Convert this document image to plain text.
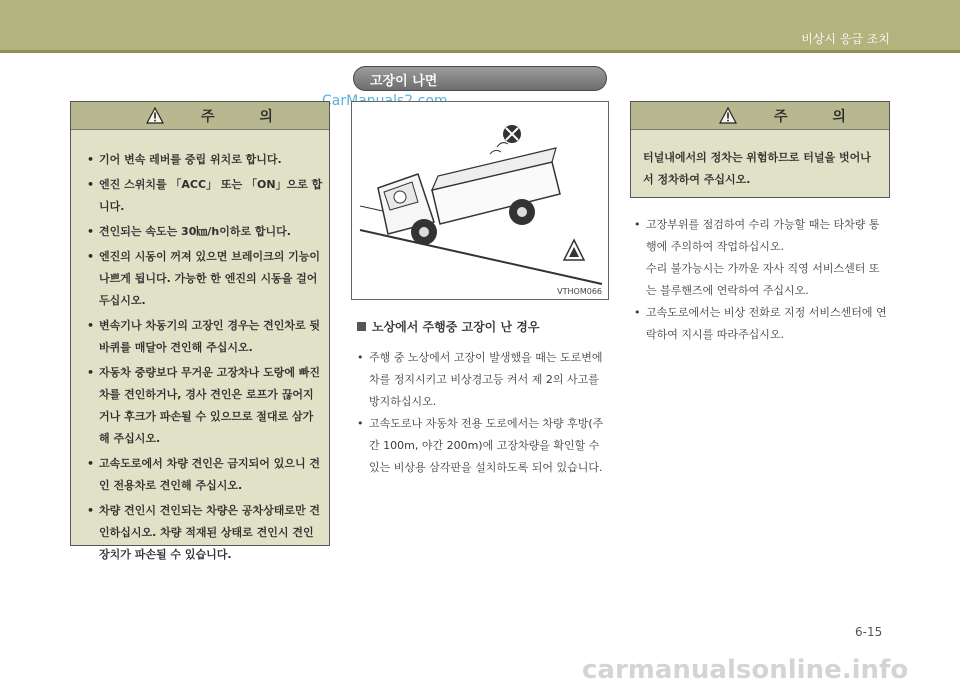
비상시 응급 조치
고장이 나면
주 의
• 기어 변속 레버를 중립 위치로 합니다.
• 엔진 스위치를 「ACC」 또는 「ON」으로 합니다.
• 견인되는 속도는 30㎞/h이하로 합니다.
• 엔진의 시동이 꺼져 있으면 브레이크의 기능이 나쁘게 됩니다. 가능한 한 엔진의 시동을 걸어 두십시오.
• 변속기나 차동기의 고장인 경우는 견인차로 뒷 바퀴를 매달아 견인해 주십시오.
• 자동차 중량보다 무거운 고장차나 도랑에 빠진 차를 견인하거나, 경사 견인은 로프가 끊어지거나 후크가 파손될 수 있으므로 절대로 삼가해 주십시오.
• 고속도로에서 차량 견인은 금지되어 있으니 견인 전용차로 견인해 주십시오.
• 차량 견인시 견인되는 차량은 공차상태로만 견인하십시오. 차량 적재된 상태로 견인시 견인장치가 파손될 수 있습니다.
VTHOM066
노상에서 주행중 고장이 난 경우
• 주행 중 노상에서 고장이 발생했을 때는 도로변에 차를 정지시키고 비상경고등 켜서 제 2의 사고를 방지하십시오.
• 고속도로나 자동차 전용 도로에서는 차량 후방(주간 100m, 야간 200m)에 고장차량을 확인할 수 있는 비상용 삼각판을 설치하도록 되어 있습니다.
주 의
터널내에서의 정차는 위험하므로 터널을 벗어나서 정차하여 주십시오.
• 고장부위를 점검하여 수리 가능할 때는 타차량 통행에 주의하여 작업하십시오.
수리 불가능시는 가까운 자사 직영 서비스센터 또는 블루핸즈에 연락하여 주십시오.
• 고속도로에서는 비상 전화로 지정 서비스센터에 연락하여 지시를 따라주십시오.
6-15
carmanualsonline.info
